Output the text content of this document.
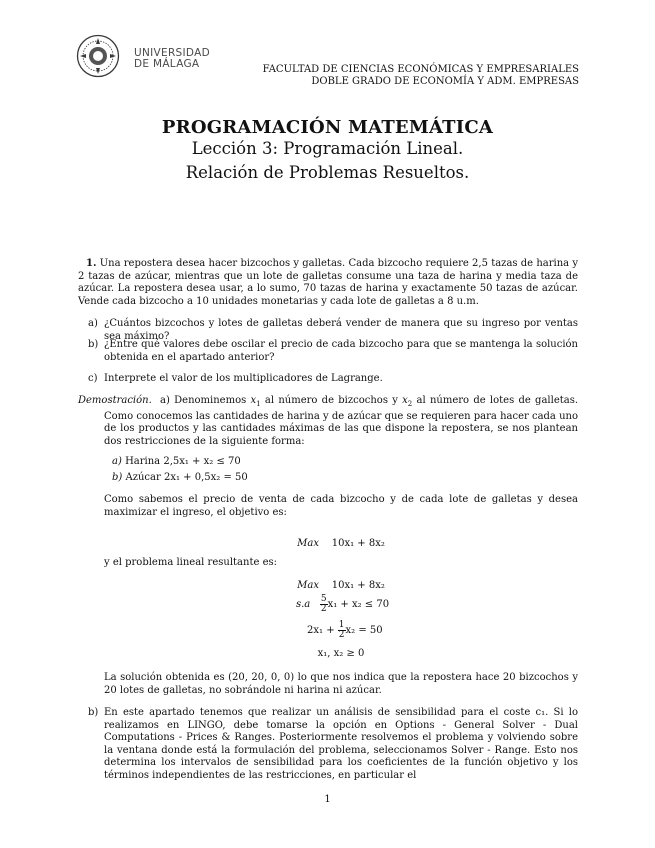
UNIVERSIDAD
DE MÁLAGA	FACULTAD DE CIENCIAS ECONÓMICAS Y EMPRESARIALES
DOBLE GRADO DE ECONOMÍA Y ADM. EMPRESAS
PROGRAMACIÓN MATEMÁTICA
Lección 3: Programación Lineal.
Relación de Problemas Resueltos.
1. Una repostera desea hacer bizcochos y galletas. Cada bizcocho requiere 2,5 tazas de harina y 2 tazas de azúcar, mientras que un lote de galletas consume una taza de harina y media taza de azúcar. La repostera desea usar, a lo sumo, 70 tazas de harina y exactamente 50 tazas de azúcar. Vende cada bizcocho a 10 unidades monetarias y cada lote de galletas a 8 u.m.
a) ¿Cuántos bizcochos y lotes de galletas deberá vender de manera que su ingreso por ventas sea máximo?
b) ¿Entre qué valores debe oscilar el precio de cada bizcocho para que se mantenga la solución obtenida en el apartado anterior?
c) Interprete el valor de los multiplicadores de Lagrange.
Demostración. a) Denominemos $x_1$ al número de bizcochos y $x_2$ al número de lotes de galletas. Como conocemos las cantidades de harina y de azúcar que se requieren para hacer cada uno de los productos y las cantidades máximas de las que dispone la repostera, se nos plantean dos restricciones de la siguiente forma:
a) Harina 2,5x₁ + x₂ ≤ 70
b) Azúcar 2x₁ + 0,5x₂ = 50
Como sabemos el precio de venta de cada bizcocho y de cada lote de galletas y desea maximizar el ingreso, el objetivo es:
Max 10x₁ + 8x₂
y el problema lineal resultante es:
Max 10x₁ + 8x₂
$s.a \frac{5}{2} x_1 + x_2 \le 70$
$2x_1 + \frac{1}{2} x_2 = 50$
x₁, x₂ ≥ 0
La solución obtenida es (20, 20, 0, 0) lo que nos indica que la repostera hace 20 bizcochos y 20 lotes de galletas, no sobrándole ni harina ni azúcar.
b) En este apartado tenemos que realizar un análisis de sensibilidad para el coste c₁. Si lo realizamos en LINGO, debe tomarse la opción en Options - General Solver - Dual Computations - Prices & Ranges. Posteriormente resolvemos el problema y volviendo sobre la ventana donde está la formulación del problema, seleccionamos Solver - Range. Esto nos determina los intervalos de sensibilidad para los coeficientes de la función objetivo y los términos independientes de las restricciones, en particular el
1
